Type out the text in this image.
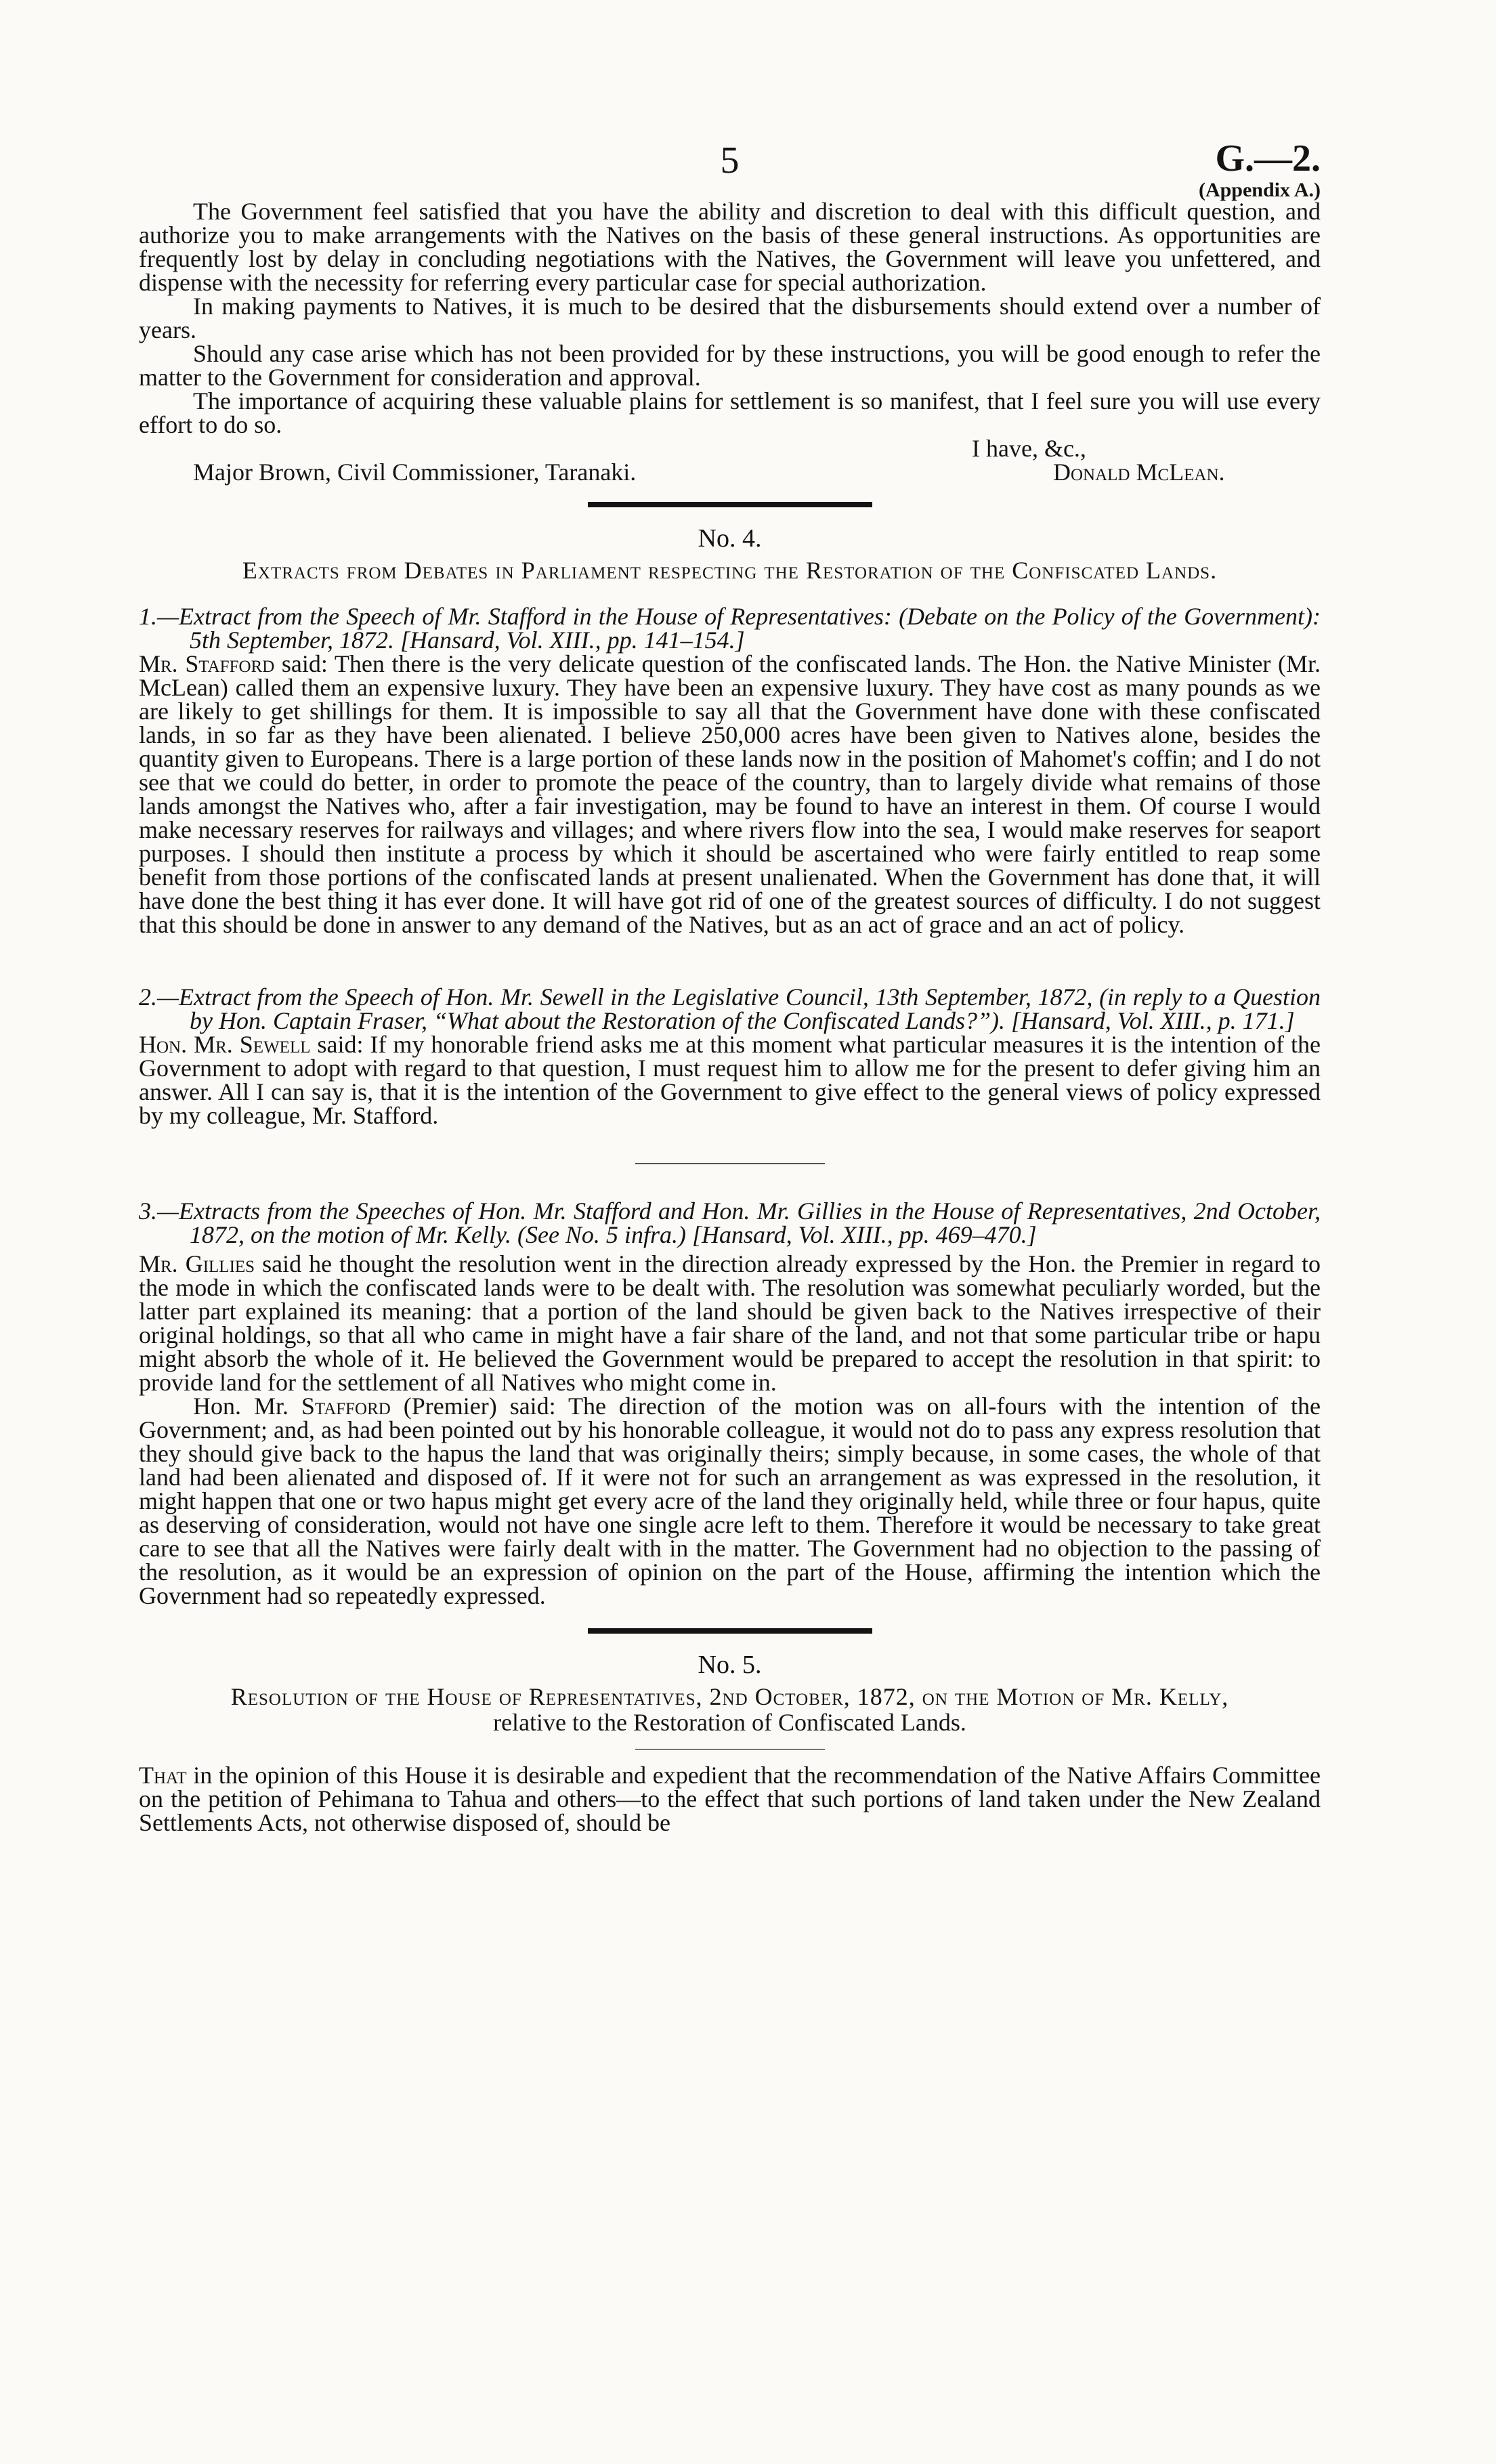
5	G.—2.
(Appendix A.)

The Government feel satisfied that you have the ability and discretion to deal with this difficult question, and authorize you to make arrangements with the Natives on the basis of these general instructions. As opportunities are frequently lost by delay in concluding negotiations with the Natives, the Government will leave you unfettered, and dispense with the necessity for referring every particular case for special authorization.

In making payments to Natives, it is much to be desired that the disbursements should extend over a number of years.

Should any case arise which has not been provided for by these instructions, you will be good enough to refer the matter to the Government for consideration and approval.

The importance of acquiring these valuable plains for settlement is so manifest, that I feel sure you will use every effort to do so.

I have, &c.,
Major Brown, Civil Commissioner, Taranaki.	Donald McLean.

No. 4.

Extracts from Debates in Parliament respecting the Restoration of the Confiscated Lands.

1.—Extract from the Speech of Mr. Stafford in the House of Representatives: (Debate on the Policy of the Government): 5th September, 1872. [Hansard, Vol. XIII., pp. 141–154.]

Mr. Stafford said: Then there is the very delicate question of the confiscated lands. The Hon. the Native Minister (Mr. McLean) called them an expensive luxury. They have been an expensive luxury. They have cost as many pounds as we are likely to get shillings for them. It is impossible to say all that the Government have done with these confiscated lands, in so far as they have been alienated. I believe 250,000 acres have been given to Natives alone, besides the quantity given to Europeans. There is a large portion of these lands now in the position of Mahomet's coffin; and I do not see that we could do better, in order to promote the peace of the country, than to largely divide what remains of those lands amongst the Natives who, after a fair investigation, may be found to have an interest in them. Of course I would make necessary reserves for railways and villages; and where rivers flow into the sea, I would make reserves for seaport purposes. I should then institute a process by which it should be ascertained who were fairly entitled to reap some benefit from those portions of the confiscated lands at present unalienated. When the Government has done that, it will have done the best thing it has ever done. It will have got rid of one of the greatest sources of difficulty. I do not suggest that this should be done in answer to any demand of the Natives, but as an act of grace and an act of policy.

2.—Extract from the Speech of Hon. Mr. Sewell in the Legislative Council, 13th September, 1872, (in reply to a Question by Hon. Captain Fraser, “What about the Restoration of the Confiscated Lands?”). [Hansard, Vol. XIII., p. 171.]

Hon. Mr. Sewell said: If my honorable friend asks me at this moment what particular measures it is the intention of the Government to adopt with regard to that question, I must request him to allow me for the present to defer giving him an answer. All I can say is, that it is the intention of the Government to give effect to the general views of policy expressed by my colleague, Mr. Stafford.

3.—Extracts from the Speeches of Hon. Mr. Stafford and Hon. Mr. Gillies in the House of Representatives, 2nd October, 1872, on the motion of Mr. Kelly. (See No. 5 infra.) [Hansard, Vol. XIII., pp. 469–470.]

Mr. Gillies said he thought the resolution went in the direction already expressed by the Hon. the Premier in regard to the mode in which the confiscated lands were to be dealt with. The resolution was somewhat peculiarly worded, but the latter part explained its meaning: that a portion of the land should be given back to the Natives irrespective of their original holdings, so that all who came in might have a fair share of the land, and not that some particular tribe or hapu might absorb the whole of it. He believed the Government would be prepared to accept the resolution in that spirit: to provide land for the settlement of all Natives who might come in.

Hon. Mr. Stafford (Premier) said: The direction of the motion was on all-fours with the intention of the Government; and, as had been pointed out by his honorable colleague, it would not do to pass any express resolution that they should give back to the hapus the land that was originally theirs; simply because, in some cases, the whole of that land had been alienated and disposed of. If it were not for such an arrangement as was expressed in the resolution, it might happen that one or two hapus might get every acre of the land they originally held, while three or four hapus, quite as deserving of consideration, would not have one single acre left to them. Therefore it would be necessary to take great care to see that all the Natives were fairly dealt with in the matter. The Government had no objection to the passing of the resolution, as it would be an expression of opinion on the part of the House, affirming the intention which the Government had so repeatedly expressed.

No. 5.

Resolution of the House of Representatives, 2nd October, 1872, on the Motion of Mr. Kelly,

relative to the Restoration of Confiscated Lands.

That in the opinion of this House it is desirable and expedient that the recommendation of the Native Affairs Committee on the petition of Pehimana to Tahua and others—to the effect that such portions of land taken under the New Zealand Settlements Acts, not otherwise disposed of, should be
